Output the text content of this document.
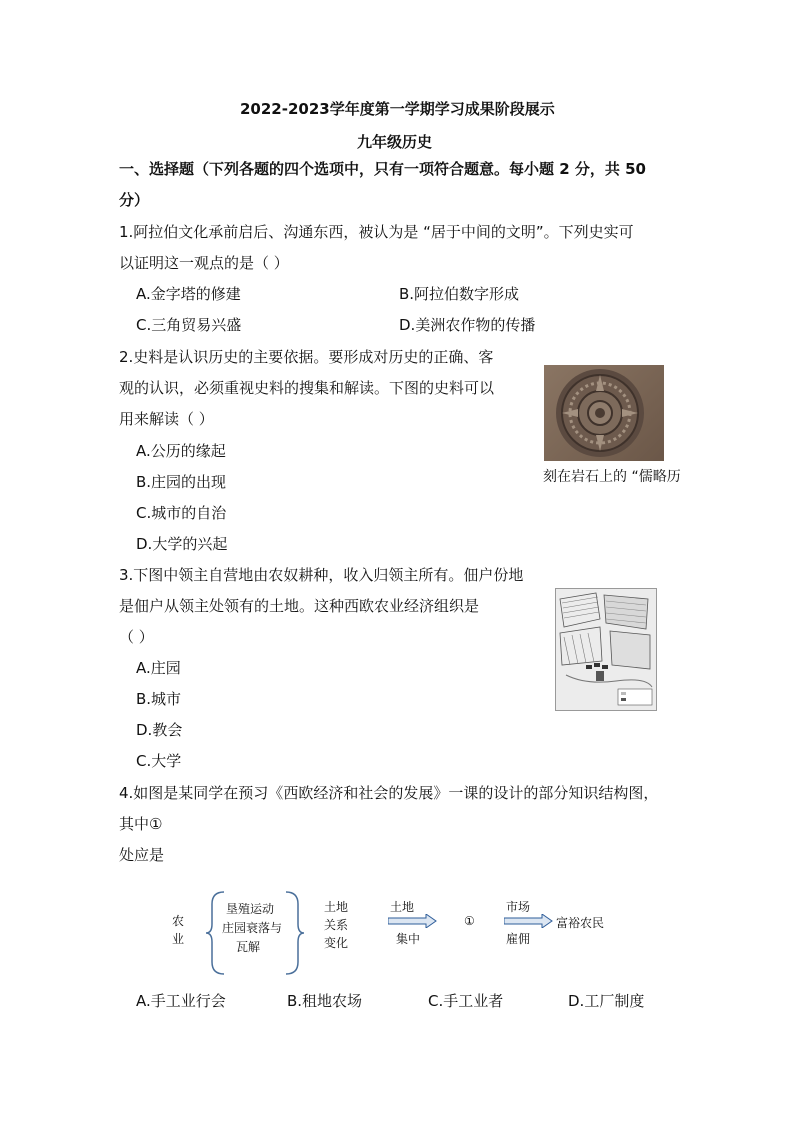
2022-2023学年度第一学期学习成果阶段展示
九年级历史
一、选择题（下列各题的四个选项中，只有一项符合题意。每小题 2 分，共 50
分）
1.阿拉伯文化承前启后、沟通东西，被认为是 “居于中间的文明”。下列史实可
以证明这一观点的是（ ）
A.金字塔的修建	B.阿拉伯数字形成
C.三角贸易兴盛	D.美洲农作物的传播
2.史料是认识历史的主要依据。要形成对历史的正确、客
观的认识，必须重视史料的搜集和解读。下图的史料可以
用来解读（ ）
A.公历的缘起
B.庄园的出现
C.城市的自治
D.大学的兴起
刻在岩石上的 “儒略历
3.下图中领主自营地由农奴耕种，收入归领主所有。佃户份地
是佃户从领主处领有的土地。这种西欧农业经济组织是
（ ）
A.庄园
B.城市
D.教会
C.大学
4.如图是某同学在预习《西欧经济和社会的发展》一课的设计的部分知识结构图，
其中①
处应是
农
业
垦殖运动
庄园衰落与
瓦解
土地
关系
变化
土地
集中
①
市场
雇佣
富裕农民
A.手工业行会	B.租地农场	C.手工业者	D.工厂制度
